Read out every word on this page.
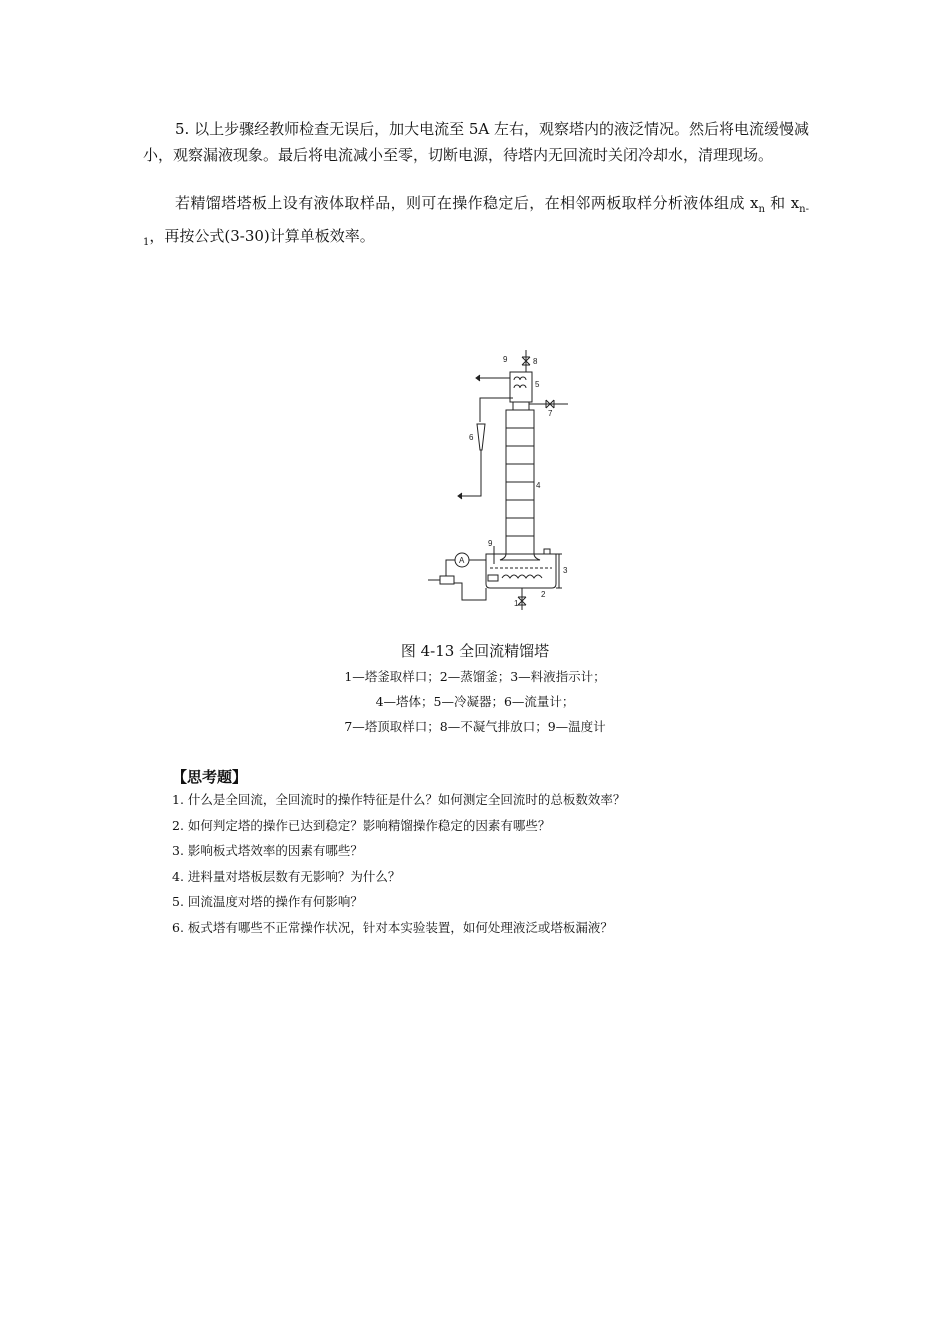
5. 以上步骤经教师检查无误后，加大电流至 5A 左右，观察塔内的液泛情况。然后将电流缓慢减小，观察漏液现象。最后将电流减小至零，切断电源，待塔内无回流时关闭冷却水，清理现场。

若精馏塔塔板上设有液体取样品，则可在操作稳定后，在相邻两板取样分析液体组成 $x_n$ 和 $x_{n-1}$，再按公式(3-30)计算单板效率。

9	8
5
7
6
4
9
A
3
2
1

图 4-13 全回流精馏塔

1—塔釜取样口；2—蒸馏釜；3—料液指示计；

4—塔体；5—冷凝器；6—流量计；

7—塔顶取样口；8—不凝气排放口；9—温度计

【思考题】

1. 什么是全回流，全回流时的操作特征是什么？如何测定全回流时的总板数效率？
2. 如何判定塔的操作已达到稳定？影响精馏操作稳定的因素有哪些？
3. 影响板式塔效率的因素有哪些？
4. 进料量对塔板层数有无影响？为什么？
5. 回流温度对塔的操作有何影响？
6. 板式塔有哪些不正常操作状况，针对本实验装置，如何处理液泛或塔板漏液？
